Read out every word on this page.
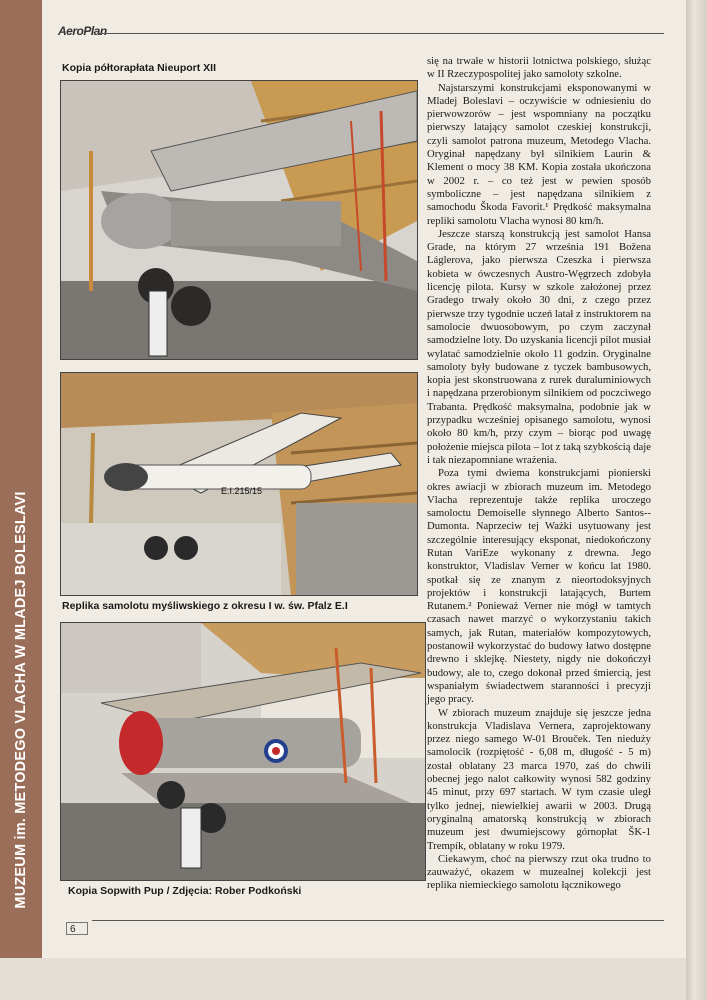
MUZEUM im. METODEGO VLACHA W MLADEJ BOLESLAVI
AeroPlan
Kopia półtorapłata Nieuport XII
E.I.215/15
Replika samolotu myśliwskiego z okresu I w. św. Pfalz E.I
Kopia Sopwith Pup / Zdjęcia: Rober Podkoński

się na trwałe w historii lotnictwa polskiego, służąc w II Rzeczypospolitej jako samoloty szkolne.

Najstarszymi konstrukcjami eksponowanymi w Mladej Boleslavi – oczywiście w odniesieniu do pierwowzorów – jest wspomniany na początku pierwszy latający samolot czeskiej konstrukcji, czyli samolot patrona muzeum, Metodego Vlacha. Oryginał napędzany był silnikiem Laurin & Klement o mocy 38 KM. Kopia została ukończona w 2002 r. – co też jest w pewien sposób symboliczne – jest napędzana silnikiem z samochodu Škoda Favorit.¹ Prędkość maksymalna repliki samolotu Vlacha wynosi 80 km/h.

Jeszcze starszą konstrukcją jest samolot Hansa Grade, na którym 27 września 191 Božena Láglerova, jako pierwsza Czeszka i pierwsza kobieta w ówczesnych Austro-Węgrzech zdobyła licencję pilota. Kursy w szkole założonej przez Gradego trwały około 30 dni, z czego przez pierwsze trzy tygodnie uczeń latał z instruktorem na samolocie dwuosobowym, po czym zaczynał samodzielne loty. Do uzyskania licencji pilot musiał wylatać samodzielnie około 11 godzin. Oryginalne samoloty były budowane z tyczek bambusowych, kopia jest skonstruowana z rurek duraluminiowych i napędzana przerobionym silnikiem od poczciwego Trabanta. Prędkość maksymalna, podobnie jak w przypadku wcześniej opisanego samolotu, wynosi około 80 km/h, przy czym – biorąc pod uwagę położenie miejsca pilota – lot z taką szybkością daje i tak niezapomniane wrażenia.

Poza tymi dwiema konstrukcjami pionierski okres awiacji w zbiorach muzeum im. Metodego Vlacha reprezentuje także replika uroczego samoloctu Demoiselle słynnego Alberto Santos--Dumonta. Naprzeciw tej Ważki usytuowany jest szczególnie interesujący eksponat, niedokończony Rutan VariEze wykonany z drewna. Jego konstruktor, Vladislav Verner w końcu lat 1980. spotkał się ze znanym z nieortodoksyjnych projektów i konstrukcji latających, Burtem Rutanem.² Ponieważ Verner nie mógł w tamtych czasach nawet marzyć o wykorzystaniu takich samych, jak Rutan, materiałów kompozytowych, postanowił wykorzystać do budowy łatwo dostępne drewno i sklejkę. Niestety, nigdy nie dokończył budowy, ale to, czego dokonał przed śmiercią, jest wspaniałym świadectwem staranności i precyzji jego pracy.

W zbiorach muzeum znajduje się jeszcze jedna konstrukcja Vladislava Vernera, zaprojektowany przez niego samego W-01 Brouček. Ten niedużу samolocik (rozpiętość - 6,08 m, długość - 5 m) został oblatany 23 marca 1970, zaś do chwili obecnej jego nalot całkowity wynosi 582 godziny 45 minut, przy 697 startach. W tym czasie uległ tylko jednej, niewielkiej awarii w 2003. Drugą oryginalną amatorską konstrukcją w zbiorach muzeum jest dwumiejscowy górnopłat ŠK-1 Trempík, oblatany w roku 1979.

Ciekawym, choć na pierwszy rzut oka trudno to zauważyć, okazem w muzealnej kolekcji jest replika niemieckiego samolotu łącznikowego

6
